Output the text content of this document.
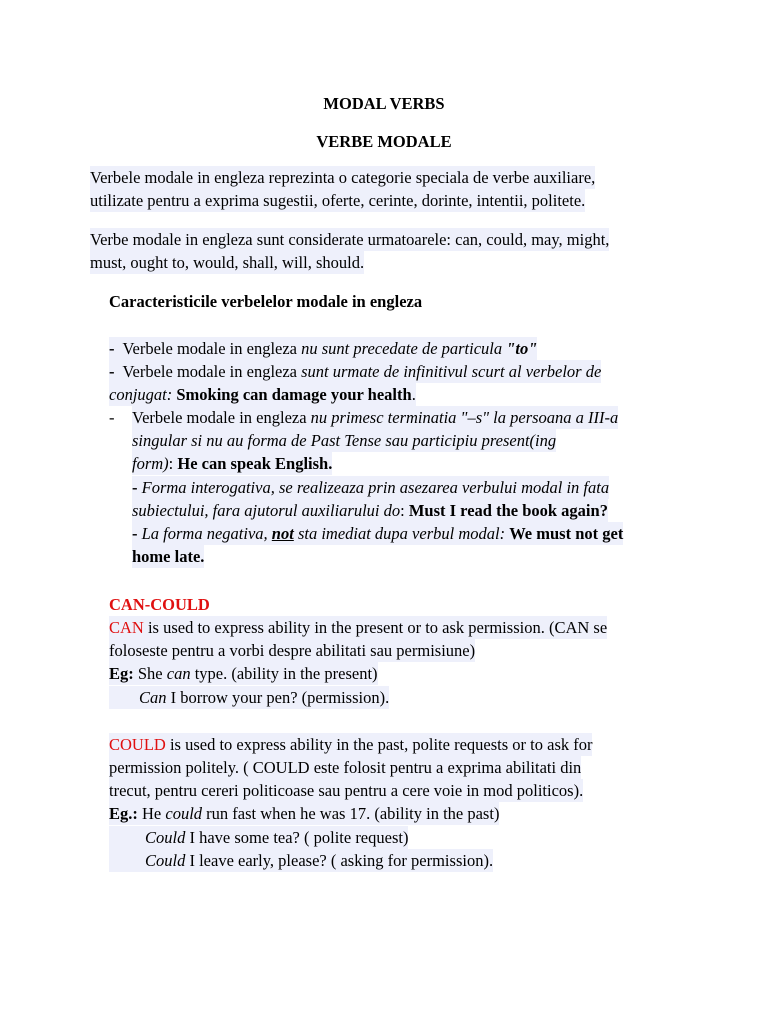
MODAL VERBS
VERBE MODALE
Verbele modale in engleza reprezinta o categorie speciala de verbe auxiliare,
utilizate pentru a exprima sugestii, oferte, cerinte, dorinte, intentii, politete.
Verbe modale in engleza sunt considerate urmatoarele: can, could, may, might,
must, ought to, would, shall, will, should.
Caracteristicile verbelelor modale in engleza
- Verbele modale in engleza nu sunt precedate de particula "to"
- Verbele modale in engleza sunt urmate de infinitivul scurt al verbelor de
conjugat: Smoking can damage your health.
- Verbele modale in engleza nu primesc terminatia "–s" la persoana a III-a
singular si nu au forma de Past Tense sau participiu present(ing
form): He can speak English.
- Forma interogativa, se realizeaza prin asezarea verbului modal in fata
subiectului, fara ajutorul auxiliarului do: Must I read the book again?
- La forma negativa, not sta imediat dupa verbul modal: We must not get
home late.
CAN-COULD
CAN is used to express ability in the present or to ask permission. (CAN se
foloseste pentru a vorbi despre abilitati sau permisiune)
Eg: She can type. (ability in the present)
Can I borrow your pen? (permission).
COULD is used to express ability in the past, polite requests or to ask for
permission politely. ( COULD este folosit pentru a exprima abilitati din
trecut, pentru cereri politicoase sau pentru a cere voie in mod politicos).
Eg.: He could run fast when he was 17. (ability in the past)
Could I have some tea? ( polite request)
Could I leave early, please? ( asking for permission).
